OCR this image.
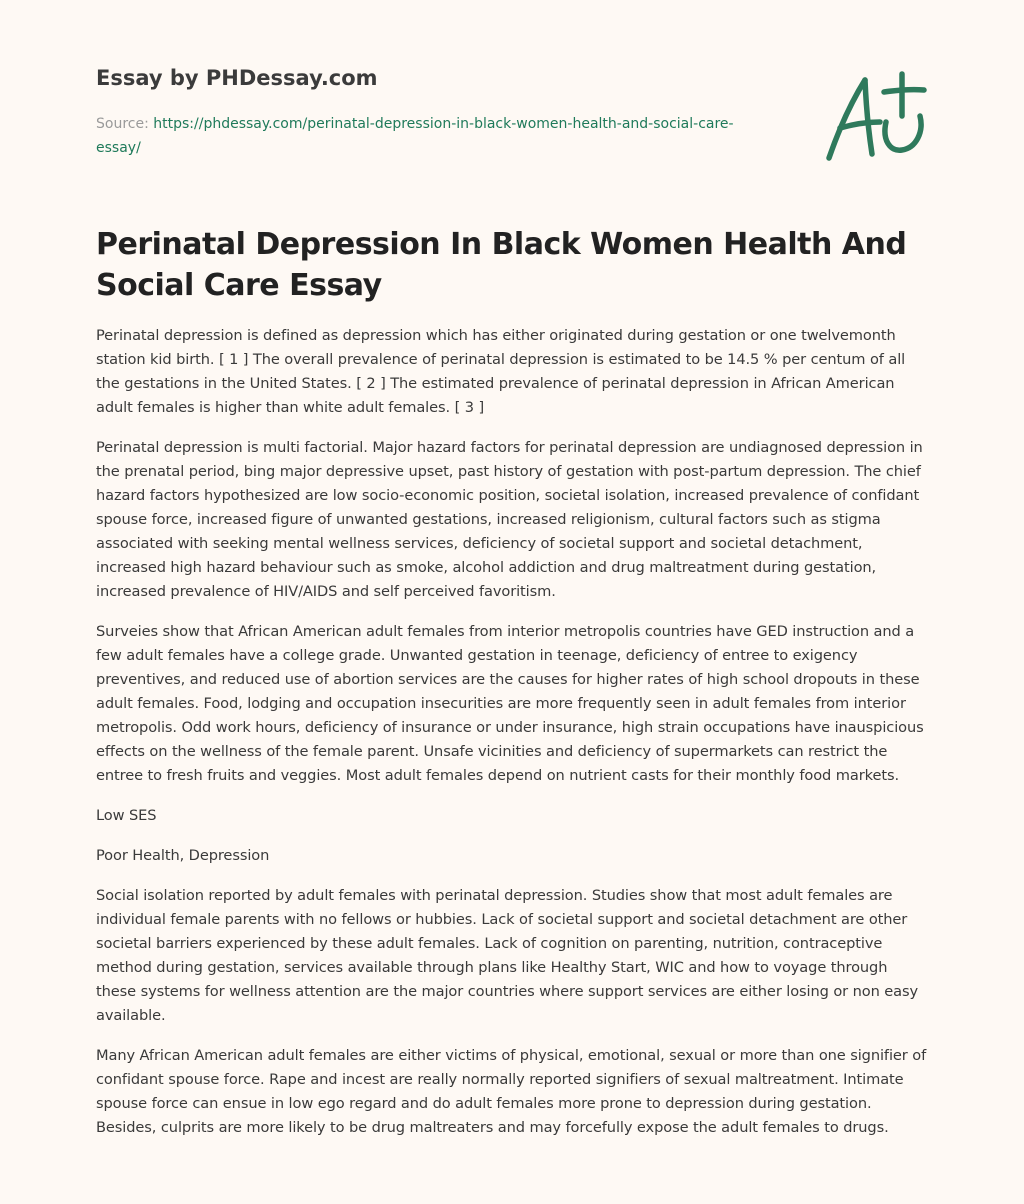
Essay by PHDessay.com
Source: https://phdessay.com/perinatal-depression-in-black-women-health-and-social-care-essay/
Perinatal Depression In Black Women Health And Social Care Essay

Perinatal depression is defined as depression which has either originated during gestation or one twelvemonth station kid birth. [ 1 ] The overall prevalence of perinatal depression is estimated to be 14.5 % per centum of all the gestations in the United States. [ 2 ] The estimated prevalence of perinatal depression in African American adult females is higher than white adult females. [ 3 ]

Perinatal depression is multi factorial. Major hazard factors for perinatal depression are undiagnosed depression in the prenatal period, bing major depressive upset, past history of gestation with post-partum depression. The chief hazard factors hypothesized are low socio-economic position, societal isolation, increased prevalence of confidant spouse force, increased figure of unwanted gestations, increased religionism, cultural factors such as stigma associated with seeking mental wellness services, deficiency of societal support and societal detachment, increased high hazard behaviour such as smoke, alcohol addiction and drug maltreatment during gestation, increased prevalence of HIV/AIDS and self perceived favoritism.

Surveies show that African American adult females from interior metropolis countries have GED instruction and a few adult females have a college grade. Unwanted gestation in teenage, deficiency of entree to exigency preventives, and reduced use of abortion services are the causes for higher rates of high school dropouts in these adult females. Food, lodging and occupation insecurities are more frequently seen in adult females from interior metropolis. Odd work hours, deficiency of insurance or under insurance, high strain occupations have inauspicious effects on the wellness of the female parent. Unsafe vicinities and deficiency of supermarkets can restrict the entree to fresh fruits and veggies. Most adult females depend on nutrient casts for their monthly food markets.

Low SES

Poor Health, Depression

Social isolation reported by adult females with perinatal depression. Studies show that most adult females are individual female parents with no fellows or hubbies. Lack of societal support and societal detachment are other societal barriers experienced by these adult females. Lack of cognition on parenting, nutrition, contraceptive method during gestation, services available through plans like Healthy Start, WIC and how to voyage through these systems for wellness attention are the major countries where support services are either losing or non easy available.

Many African American adult females are either victims of physical, emotional, sexual or more than one signifier of confidant spouse force. Rape and incest are really normally reported signifiers of sexual maltreatment. Intimate spouse force can ensue in low ego regard and do adult females more prone to depression during gestation. Besides, culprits are more likely to be drug maltreaters and may forcefully expose the adult females to drugs.
